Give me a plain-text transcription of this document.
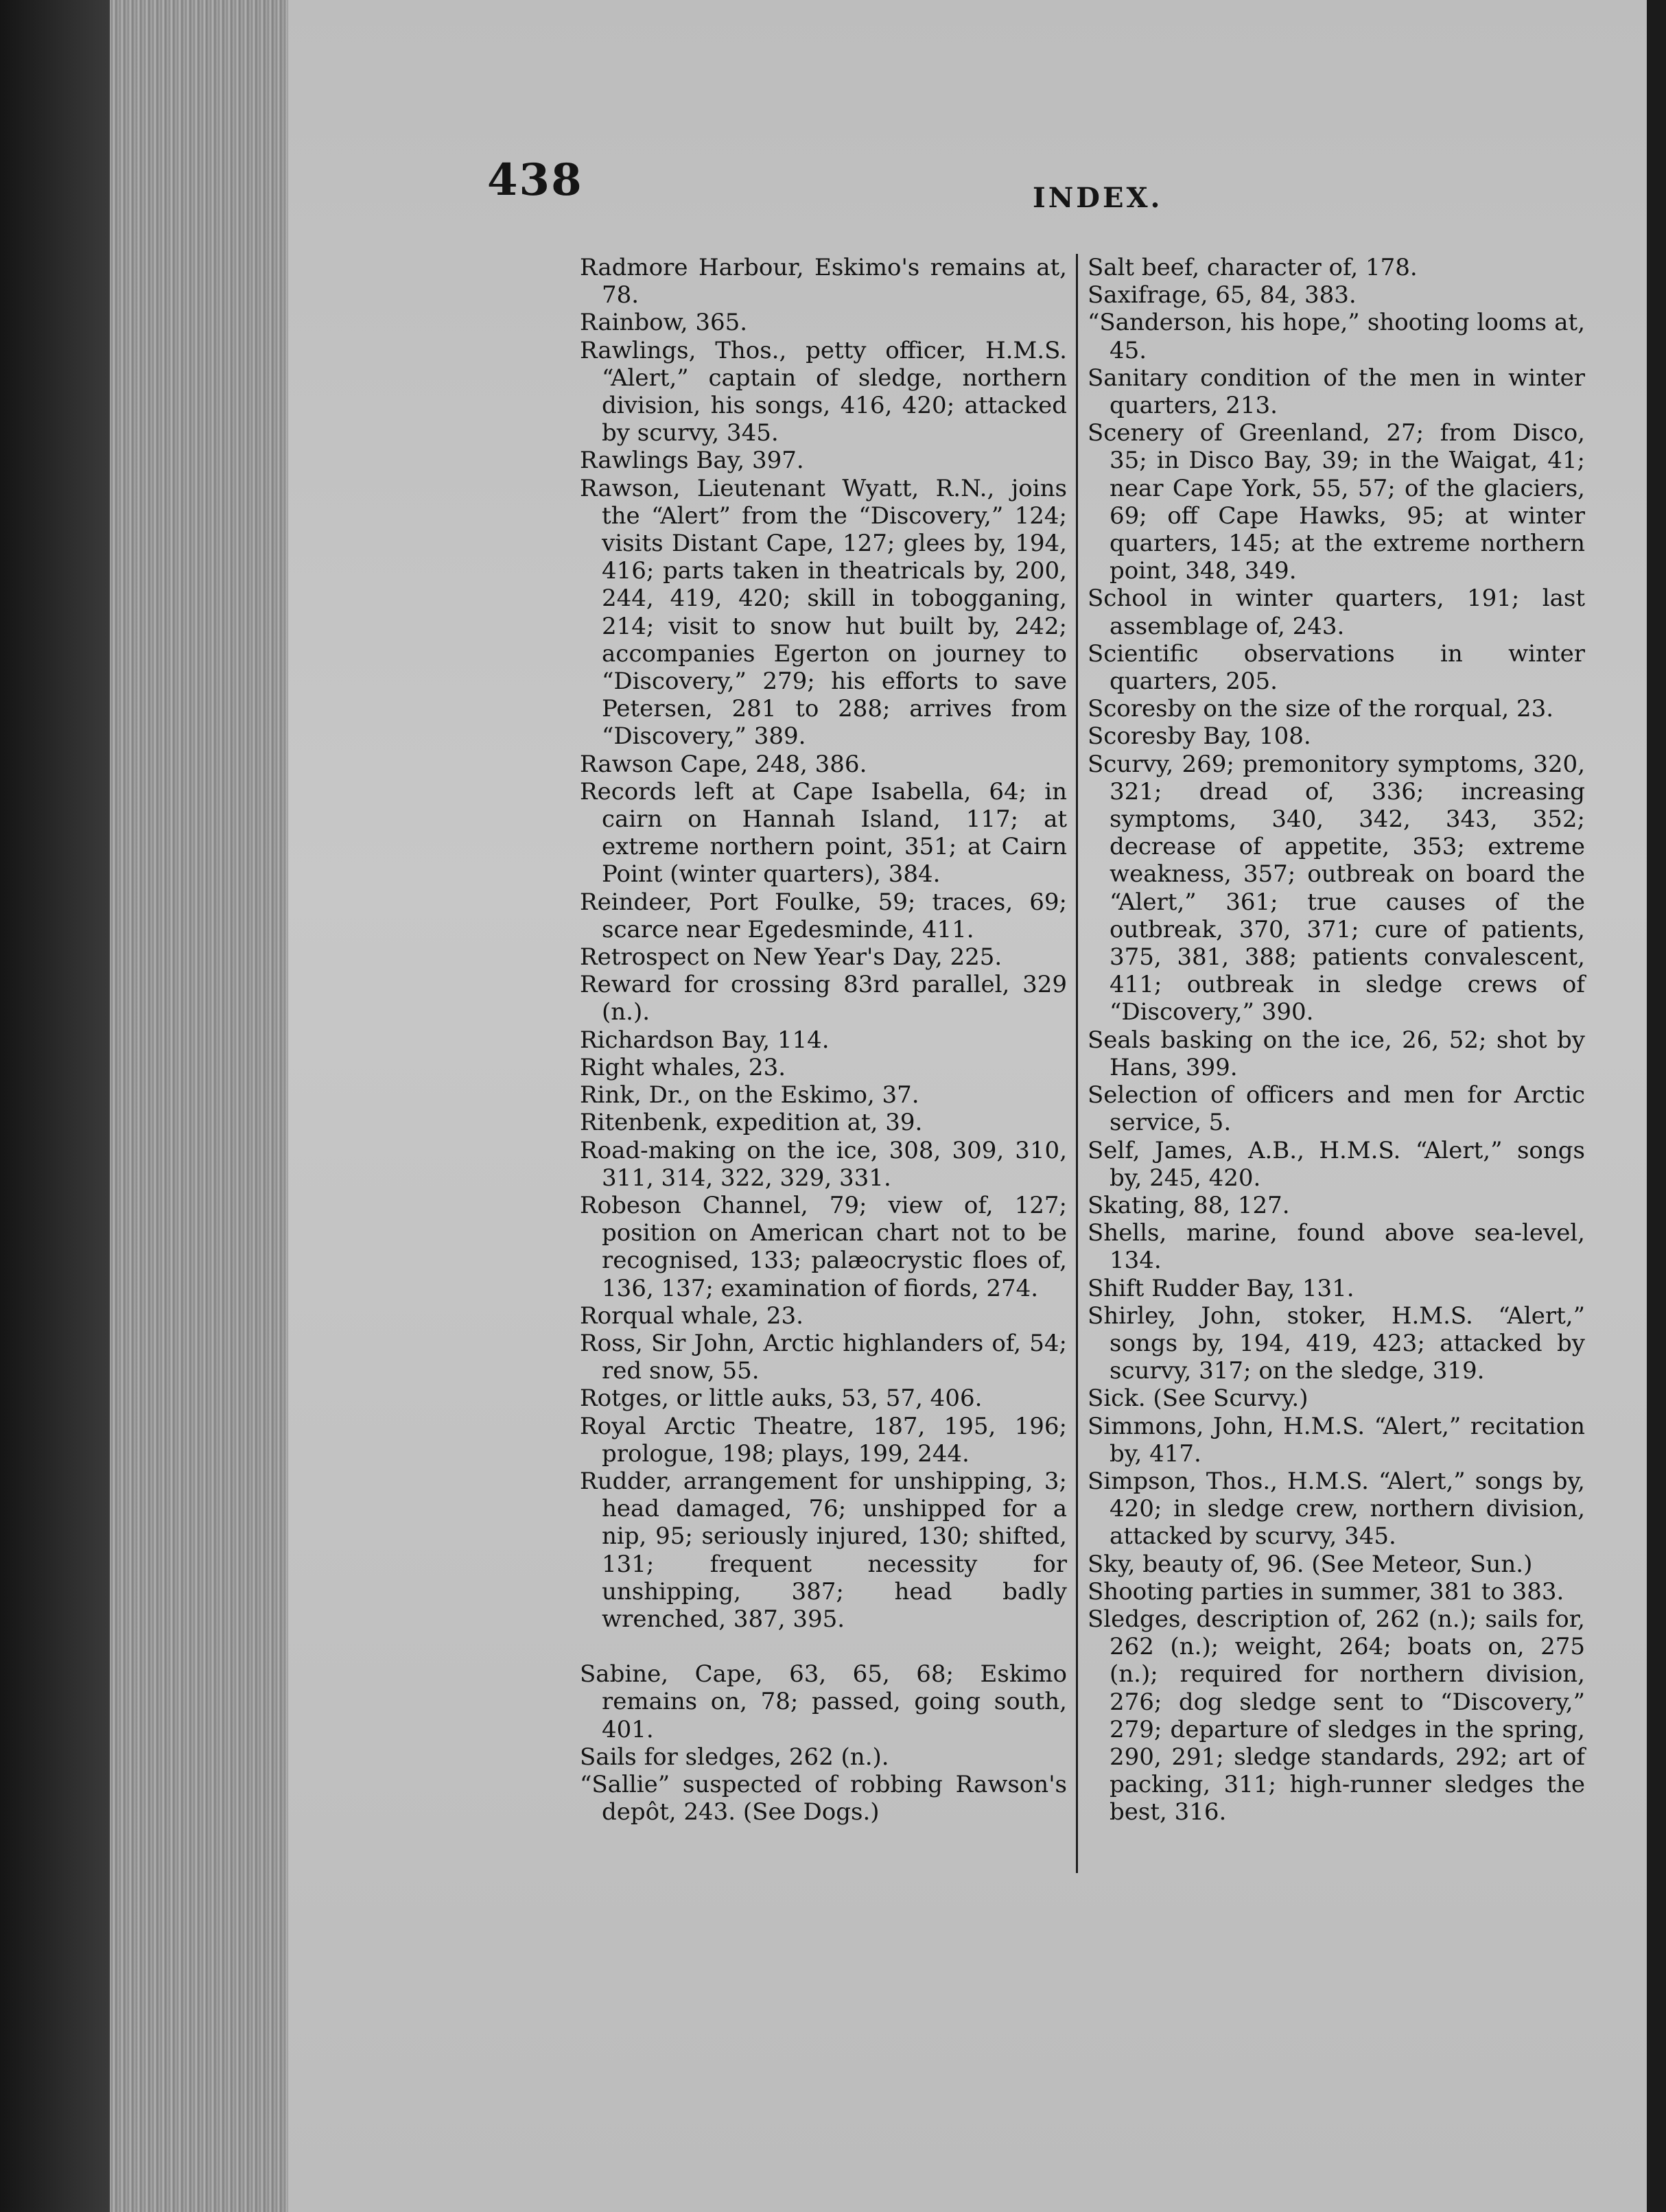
438	INDEX.

Radmore Harbour, Eskimo's remains at, 78.

Rainbow, 365.

Rawlings, Thos., petty officer, H.M.S. “Alert,” captain of sledge, northern division, his songs, 416, 420; attacked by scurvy, 345.

Rawlings Bay, 397.

Rawson, Lieutenant Wyatt, R.N., joins the “Alert” from the “Discovery,” 124; visits Distant Cape, 127; glees by, 194, 416; parts taken in theatricals by, 200, 244, 419, 420; skill in tobogganing, 214; visit to snow hut built by, 242; accompanies Egerton on journey to “Discovery,” 279; his efforts to save Petersen, 281 to 288; arrives from “Discovery,” 389.

Rawson Cape, 248, 386.

Records left at Cape Isabella, 64; in cairn on Hannah Island, 117; at extreme northern point, 351; at Cairn Point (winter quarters), 384.

Reindeer, Port Foulke, 59; traces, 69; scarce near Egedesminde, 411.

Retrospect on New Year's Day, 225.

Reward for crossing 83rd parallel, 329 (n.).

Richardson Bay, 114.

Right whales, 23.

Rink, Dr., on the Eskimo, 37.

Ritenbenk, expedition at, 39.

Road-making on the ice, 308, 309, 310, 311, 314, 322, 329, 331.

Robeson Channel, 79; view of, 127; position on American chart not to be recognised, 133; palæocrystic floes of, 136, 137; examination of fiords, 274.

Rorqual whale, 23.

Ross, Sir John, Arctic highlanders of, 54; red snow, 55.

Rotges, or little auks, 53, 57, 406.

Royal Arctic Theatre, 187, 195, 196; prologue, 198; plays, 199, 244.

Rudder, arrangement for unshipping, 3; head damaged, 76; unshipped for a nip, 95; seriously injured, 130; shifted, 131; frequent necessity for unshipping, 387; head badly wrenched, 387, 395.

Sabine, Cape, 63, 65, 68; Eskimo remains on, 78; passed, going south, 401.

Sails for sledges, 262 (n.).

“Sallie” suspected of robbing Rawson's depôt, 243. (See Dogs.)

Salt beef, character of, 178.

Saxifrage, 65, 84, 383.

“Sanderson, his hope,” shooting looms at, 45.

Sanitary condition of the men in winter quarters, 213.

Scenery of Greenland, 27; from Disco, 35; in Disco Bay, 39; in the Waigat, 41; near Cape York, 55, 57; of the glaciers, 69; off Cape Hawks, 95; at winter quarters, 145; at the extreme northern point, 348, 349.

School in winter quarters, 191; last assemblage of, 243.

Scientific observations in winter quarters, 205.

Scoresby on the size of the rorqual, 23.

Scoresby Bay, 108.

Scurvy, 269; premonitory symptoms, 320, 321; dread of, 336; increasing symptoms, 340, 342, 343, 352; decrease of appetite, 353; extreme weakness, 357; outbreak on board the “Alert,” 361; true causes of the outbreak, 370, 371; cure of patients, 375, 381, 388; patients convalescent, 411; outbreak in sledge crews of “Discovery,” 390.

Seals basking on the ice, 26, 52; shot by Hans, 399.

Selection of officers and men for Arctic service, 5.

Self, James, A.B., H.M.S. “Alert,” songs by, 245, 420.

Skating, 88, 127.

Shells, marine, found above sea-level, 134.

Shift Rudder Bay, 131.

Shirley, John, stoker, H.M.S. “Alert,” songs by, 194, 419, 423; attacked by scurvy, 317; on the sledge, 319.

Sick. (See Scurvy.)

Simmons, John, H.M.S. “Alert,” recitation by, 417.

Simpson, Thos., H.M.S. “Alert,” songs by, 420; in sledge crew, northern division, attacked by scurvy, 345.

Sky, beauty of, 96. (See Meteor, Sun.)

Shooting parties in summer, 381 to 383.

Sledges, description of, 262 (n.); sails for, 262 (n.); weight, 264; boats on, 275 (n.); required for northern division, 276; dog sledge sent to “Discovery,” 279; departure of sledges in the spring, 290, 291; sledge standards, 292; art of packing, 311; high-runner sledges the best, 316.
